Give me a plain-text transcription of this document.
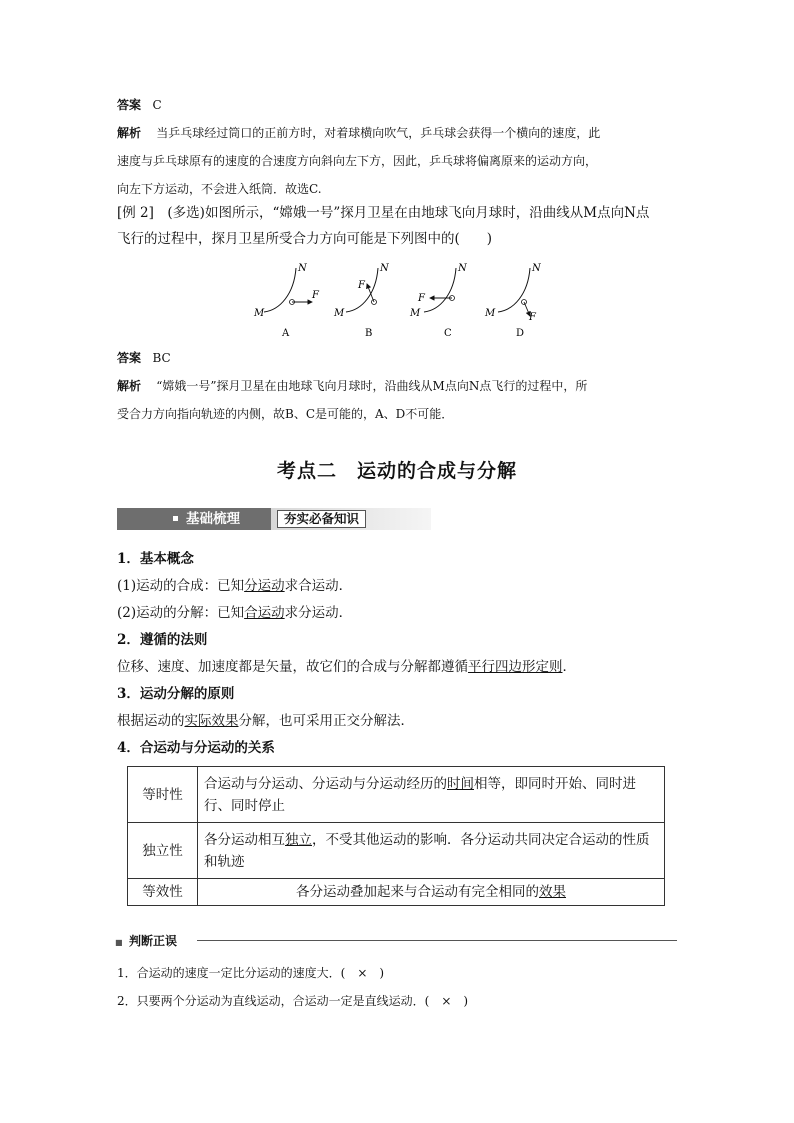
答案 C
解析 当乒乓球经过筒口的正前方时，对着球横向吹气，乒乓球会获得一个横向的速度，此
速度与乒乓球原有的速度的合速度方向斜向左下方，因此，乒乓球将偏离原来的运动方向，
向左下方运动，不会进入纸筒．故选C.
[例 2]　(多选)如图所示，“嫦娥一号”探月卫星在由地球飞向月球时，沿曲线从M点向N点
飞行的过程中，探月卫星所受合力方向可能是下列图中的(　　)
N
M
F
A
N
M
F
B
N
M
F
C
N
M	F
D
答案 BC
解析 “嫦娥一号”探月卫星在由地球飞向月球时，沿曲线从M点向N点飞行的过程中，所
受合力方向指向轨迹的内侧，故B、C是可能的，A、D不可能．
考点二　运动的合成与分解
基础梳理	夯实必备知识
1．基本概念
(1)运动的合成：已知分运动求合运动．
(2)运动的分解：已知合运动求分运动．
2．遵循的法则
位移、速度、加速度都是矢量，故它们的合成与分解都遵循平行四边形定则．
3．运动分解的原则
根据运动的实际效果分解，也可采用正交分解法．
4．合运动与分运动的关系
等时性	合运动与分运动、分运动与分运动经历的时间相等，即同时开始、同时进行、同时停止
独立性	各分运动相互独立，不受其他运动的影响．各分运动共同决定合运动的性质和轨迹
等效性	各分运动叠加起来与合运动有完全相同的效果
■ 判断正误
1．合运动的速度一定比分运动的速度大．(　×　)
2．只要两个分运动为直线运动，合运动一定是直线运动．(　×　)
